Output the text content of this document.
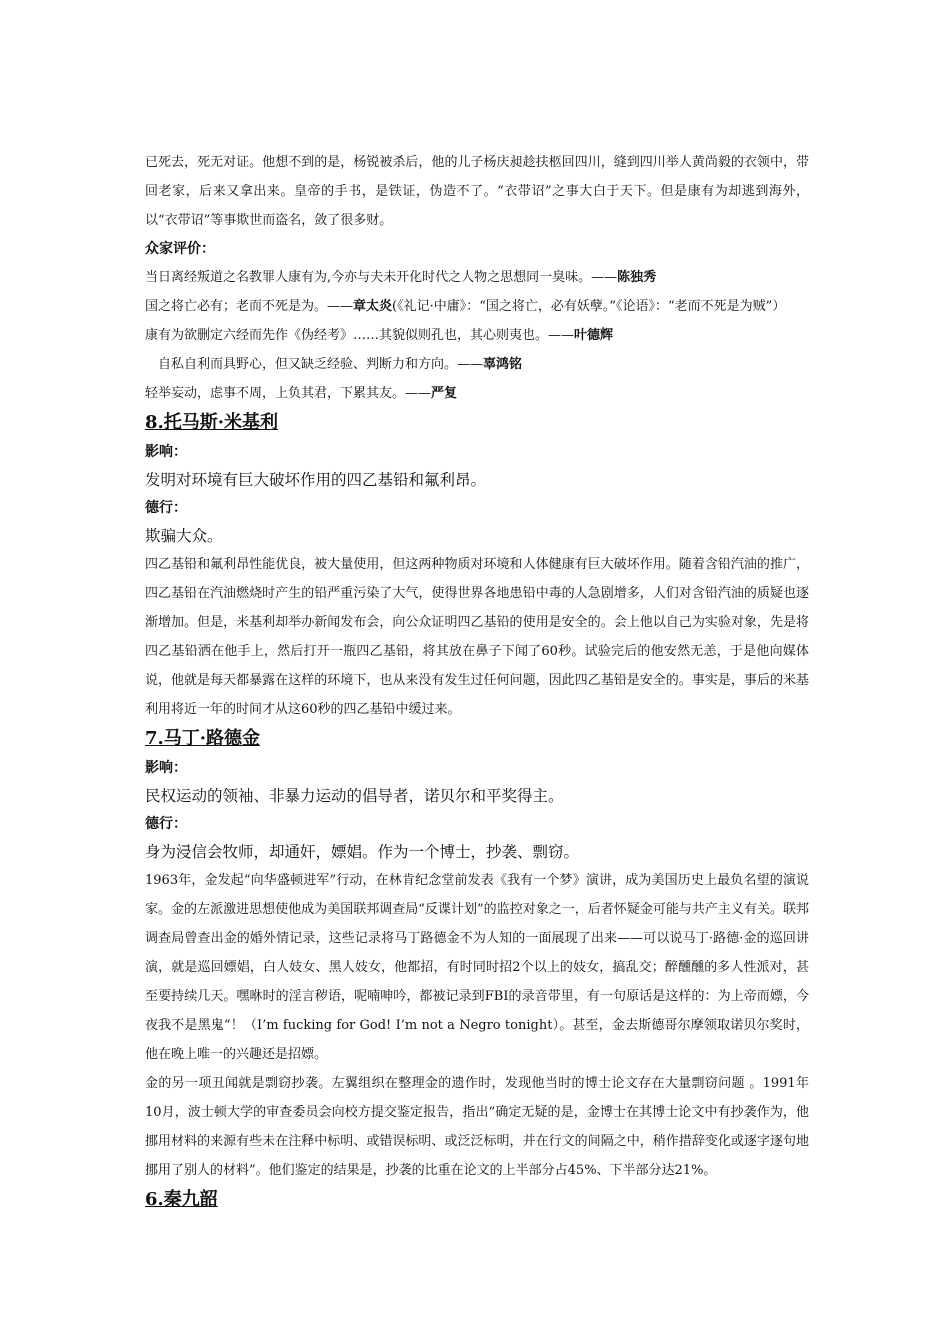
已死去，死无对证。他想不到的是，杨锐被杀后，他的儿子杨庆昶趁扶柩回四川，缝到四川举人黄尚毅的衣领中，带回老家，后来又拿出来。皇帝的手书，是铁证，伪造不了。“衣带诏”之事大白于天下。但是康有为却逃到海外，以“衣带诏”等事欺世而盗名，敛了很多财。

众家评价：

当日离经叛道之名教罪人康有为,今亦与夫未开化时代之人物之思想同一臭味。——陈独秀

国之将亡必有；老而不死是为。——章太炎(《礼记·中庸》：“国之将亡，必有妖孽。”《论语》：“老而不死是为贼”）

康有为欲删定六经而先作《伪经考》……其貌似则孔也，其心则夷也。——叶德辉

自私自利而具野心，但又缺乏经验、判断力和方向。——辜鸿铭

轻举妄动，虑事不周，上负其君，下累其友。——严复

8.托马斯·米基利

影响：

发明对环境有巨大破坏作用的四乙基铅和氟利昂。

德行：

欺骗大众。

四乙基铅和氟利昂性能优良，被大量使用，但这两种物质对环境和人体健康有巨大破坏作用。随着含铅汽油的推广，四乙基铅在汽油燃烧时产生的铅严重污染了大气，使得世界各地患铅中毒的人急剧增多，人们对含铅汽油的质疑也逐渐增加。但是，米基利却举办新闻发布会，向公众证明四乙基铅的使用是安全的。会上他以自己为实验对象，先是将四乙基铅洒在他手上，然后打开一瓶四乙基铅，将其放在鼻子下闻了60秒。试验完后的他安然无恙，于是他向媒体说，他就是每天都暴露在这样的环境下，也从来没有发生过任何问题，因此四乙基铅是安全的。事实是，事后的米基利用将近一年的时间才从这60秒的四乙基铅中缓过来。

7.马丁·路德金

影响：

民权运动的领袖、非暴力运动的倡导者，诺贝尔和平奖得主。

德行：

身为浸信会牧师，却通奸，嫖娼。作为一个博士，抄袭、剽窃。

1963年，金发起“向华盛顿进军”行动，在林肯纪念堂前发表《我有一个梦》演讲，成为美国历史上最负名望的演说家。金的左派激进思想使他成为美国联邦调查局“反谍计划”的监控对象之一，后者怀疑金可能与共产主义有关。联邦调查局曾查出金的婚外情记录，这些记录将马丁路德金不为人知的一面展现了出来——可以说马丁·路德·金的巡回讲演，就是巡回嫖娼，白人妓女、黑人妓女，他都招，有时同时招2个以上的妓女，搞乱交；醉醺醺的多人性派对，甚至要持续几天。嘿咻时的淫言秽语，呢喃呻吟，都被记录到FBI的录音带里，有一句原话是这样的：为上帝而嫖，今夜我不是黑鬼“！（I’m fucking for God! I’m not a Negro tonight）。甚至，金去斯德哥尔摩领取诺贝尔奖时，他在晚上唯一的兴趣还是招嫖。

金的另一项丑闻就是剽窃抄袭。左翼组织在整理金的遗作时，发现他当时的博士论文存在大量剽窃问题 。1991年10月，波士顿大学的审查委员会向校方提交鉴定报告，指出“确定无疑的是，金博士在其博士论文中有抄袭作为，他挪用材料的来源有些未在注释中标明、或错误标明、或泛泛标明，并在行文的间隔之中，稍作措辞变化或逐字逐句地挪用了别人的材料”。他们鉴定的结果是，抄袭的比重在论文的上半部分占45%、下半部分达21%。

6.秦九韶
